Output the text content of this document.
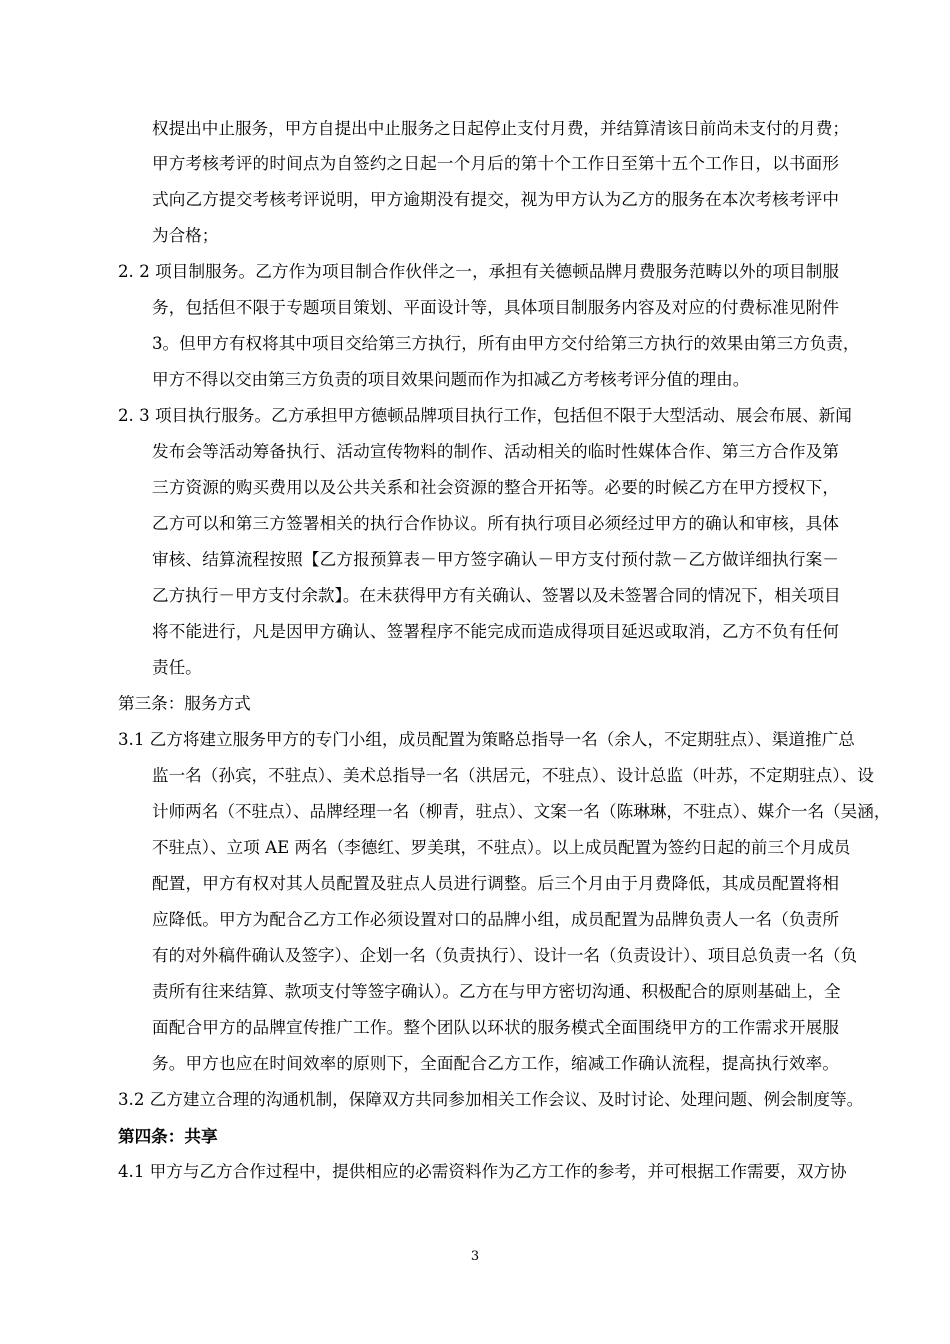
权提出中止服务，甲方自提出中止服务之日起停止支付月费，并结算清该日前尚未支付的月费；
甲方考核考评的时间点为自签约之日起一个月后的第十个工作日至第十五个工作日，以书面形
式向乙方提交考核考评说明，甲方逾期没有提交，视为甲方认为乙方的服务在本次考核考评中
为合格；
2. 2 项目制服务。乙方作为项目制合作伙伴之一，承担有关德顿品牌月费服务范畴以外的项目制服
务，包括但不限于专题项目策划、平面设计等，具体项目制服务内容及对应的付费标准见附件
3。但甲方有权将其中项目交给第三方执行，所有由甲方交付给第三方执行的效果由第三方负责，
甲方不得以交由第三方负责的项目效果问题而作为扣减乙方考核考评分值的理由。
2. 3 项目执行服务。乙方承担甲方德顿品牌项目执行工作，包括但不限于大型活动、展会布展、新闻
发布会等活动筹备执行、活动宣传物料的制作、活动相关的临时性媒体合作、第三方合作及第
三方资源的购买费用以及公共关系和社会资源的整合开拓等。必要的时候乙方在甲方授权下，
乙方可以和第三方签署相关的执行合作协议。所有执行项目必须经过甲方的确认和审核，具体
审核、结算流程按照【乙方报预算表－甲方签字确认－甲方支付预付款－乙方做详细执行案－
乙方执行－甲方支付余款】。在未获得甲方有关确认、签署以及未签署合同的情况下，相关项目
将不能进行，凡是因甲方确认、签署程序不能完成而造成得项目延迟或取消，乙方不负有任何
责任。
第三条：服务方式
3.1 乙方将建立服务甲方的专门小组，成员配置为策略总指导一名（余人，不定期驻点）、渠道推广总
监一名（孙宾，不驻点）、美术总指导一名（洪居元，不驻点）、设计总监（叶苏，不定期驻点）、设
计师两名（不驻点）、品牌经理一名（柳青，驻点）、文案一名（陈琳琳，不驻点）、媒介一名（吴涵，
不驻点）、立项 AE 两名（李德红、罗美琪，不驻点）。以上成员配置为签约日起的前三个月成员
配置，甲方有权对其人员配置及驻点人员进行调整。后三个月由于月费降低，其成员配置将相
应降低。甲方为配合乙方工作必须设置对口的品牌小组，成员配置为品牌负责人一名（负责所
有的对外稿件确认及签字）、企划一名（负责执行）、设计一名（负责设计）、项目总负责一名（负
责所有往来结算、款项支付等签字确认）。乙方在与甲方密切沟通、积极配合的原则基础上，全
面配合甲方的品牌宣传推广工作。整个团队以环状的服务模式全面围绕甲方的工作需求开展服
务。甲方也应在时间效率的原则下，全面配合乙方工作，缩减工作确认流程，提高执行效率。
3.2 乙方建立合理的沟通机制，保障双方共同参加相关工作会议、及时讨论、处理问题、例会制度等。
第四条：共享
4.1 甲方与乙方合作过程中，提供相应的必需资料作为乙方工作的参考，并可根据工作需要，双方协
3
